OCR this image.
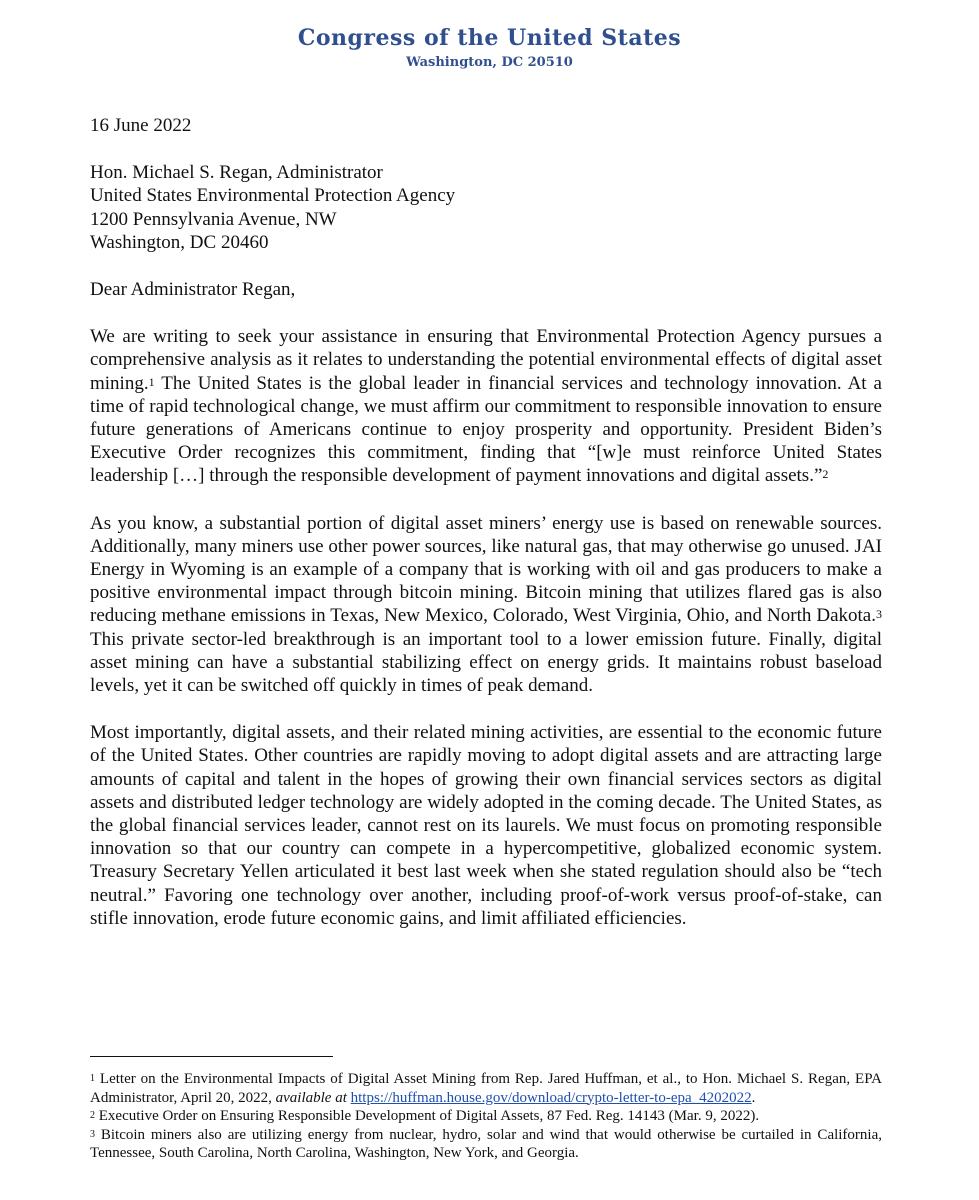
Congress of the United States
Washington, DC 20510

16 June 2022

Hon. Michael S. Regan, Administrator
United States Environmental Protection Agency
1200 Pennsylvania Avenue, NW
Washington, DC 20460
Dear Administrator Regan,

We are writing to seek your assistance in ensuring that Environmental Protection Agency pursues a comprehensive analysis as it relates to understanding the potential environmental effects of digital asset mining.$^1$ The United States is the global leader in financial services and technology innovation. At a time of rapid technological change, we must affirm our commitment to responsible innovation to ensure future generations of Americans continue to enjoy prosperity and opportunity. President Biden’s Executive Order recognizes this commitment, finding that “[w]e must reinforce United States leadership […] through the responsible development of payment innovations and digital assets.”$^2$

As you know, a substantial portion of digital asset miners’ energy use is based on renewable sources. Additionally, many miners use other power sources, like natural gas, that may otherwise go unused. JAI Energy in Wyoming is an example of a company that is working with oil and gas producers to make a positive environmental impact through bitcoin mining. Bitcoin mining that utilizes flared gas is also reducing methane emissions in Texas, New Mexico, Colorado, West Virginia, Ohio, and North Dakota.$^3$ This private sector-led breakthrough is an important tool to a lower emission future. Finally, digital asset mining can have a substantial stabilizing effect on energy grids. It maintains robust baseload levels, yet it can be switched off quickly in times of peak demand.

Most importantly, digital assets, and their related mining activities, are essential to the economic future of the United States. Other countries are rapidly moving to adopt digital assets and are attracting large amounts of capital and talent in the hopes of growing their own financial services sectors as digital assets and distributed ledger technology are widely adopted in the coming decade. The United States, as the global financial services leader, cannot rest on its laurels. We must focus on promoting responsible innovation so that our country can compete in a hypercompetitive, globalized economic system. Treasury Secretary Yellen articulated it best last week when she stated regulation should also be “tech neutral.” Favoring one technology over another, including proof-of-work versus proof-of-stake, can stifle innovation, erode future economic gains, and limit affiliated efficiencies.

$^1$ Letter on the Environmental Impacts of Digital Asset Mining from Rep. Jared Huffman, et al., to Hon. Michael S. Regan, EPA Administrator, April 20, 2022, available at https://huffman.house.gov/download/crypto-letter-to-epa_4202022.

$^2$ Executive Order on Ensuring Responsible Development of Digital Assets, 87 Fed. Reg. 14143 (Mar. 9, 2022).

$^3$ Bitcoin miners also are utilizing energy from nuclear, hydro, solar and wind that would otherwise be curtailed in California, Tennessee, South Carolina, North Carolina, Washington, New York, and Georgia.
